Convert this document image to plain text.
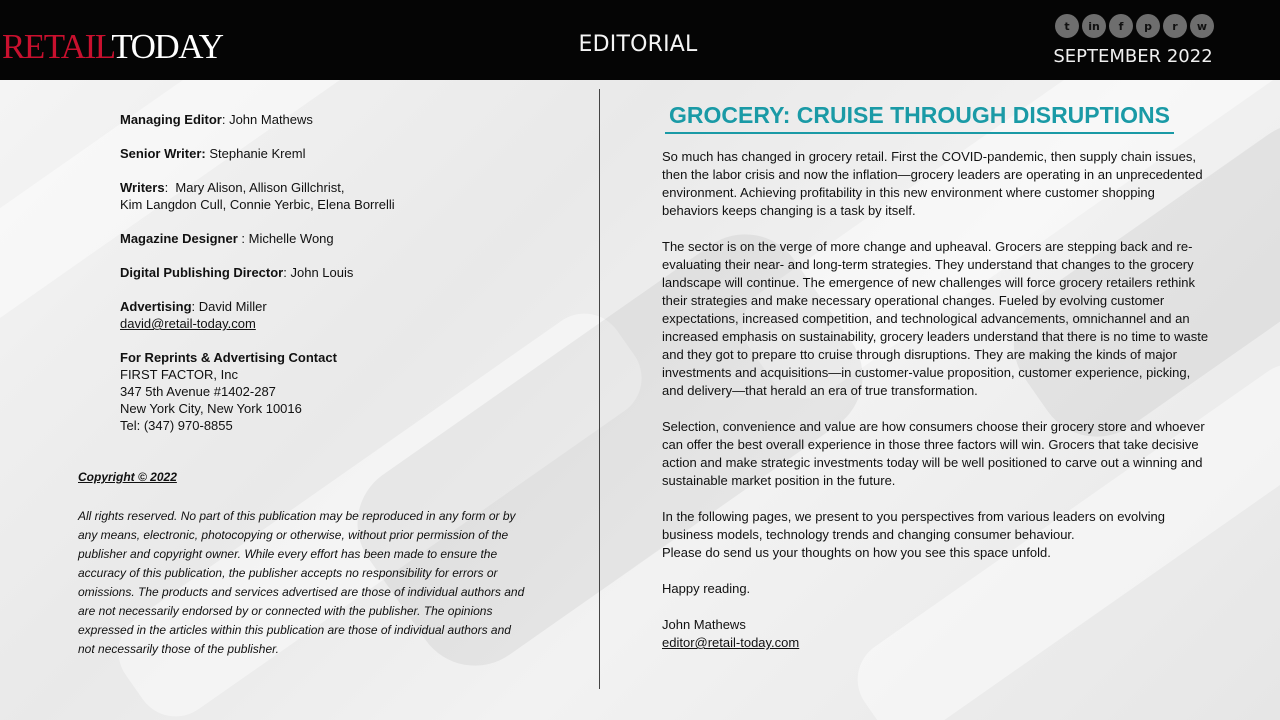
RETAILTODAY	EDITORIAL
t	in	f	p	r	w
SEPTEMBER 2022
Managing Editor: John Mathews
Senior Writer: Stephanie Kreml
Writers:  Mary Alison, Allison Gillchrist,
Kim Langdon Cull, Connie Yerbic, Elena Borrelli
Magazine Designer : Michelle Wong
Digital Publishing Director: John Louis
Advertising: David Miller
david@retail-today.com
For Reprints & Advertising Contact
FIRST FACTOR, Inc
347 5th Avenue #1402-287
New York City, New York 10016
Tel: (347) 970-8855
Copyright © 2022
All rights reserved. No part of this publication may be reproduced in any form or by any means, electronic, photocopying or otherwise, without prior permission of the publisher and copyright owner. While every effort has been made to ensure the accuracy of this publication, the publisher accepts no responsibility for errors or omissions. The products and services advertised are those of individual authors and are not necessarily endorsed by or connected with the publisher. The opinions expressed in the articles within this publication are those of individual authors and not necessarily those of the publisher.
GROCERY: CRUISE THROUGH DISRUPTIONS

So much has changed in grocery retail. First the COVID-pandemic, then supply chain issues, then the labor crisis and now the inflation—grocery leaders are operating in an unprecedented environment. Achieving profitability in this new environment where customer shopping behaviors keeps changing is a task by itself.

The sector is on the verge of more change and upheaval. Grocers are stepping back and re-evaluating their near- and long-term strategies. They understand that changes to the grocery landscape will continue. The emergence of new challenges will force grocery retailers rethink their strategies and make necessary operational changes. Fueled by evolving customer expectations, increased competition, and technological advancements, omnichannel and an increased emphasis on sustainability, grocery leaders understand that there is no time to waste and they got to prepare tto cruise through disruptions. They are making the kinds of major investments and acquisitions—in customer-value proposition, customer experience, picking, and delivery—that herald an era of true transformation.

Selection, convenience and value are how consumers choose their grocery store and whoever can offer the best overall experience in those three factors will win. Grocers that take decisive action and make strategic investments today will be well positioned to carve out a winning and sustainable market position in the future.

In the following pages, we present to you perspectives from various leaders on evolving business models, technology trends and changing consumer behaviour.
Please do send us your thoughts on how you see this space unfold.

Happy reading.

John Mathews
editor@retail-today.com
